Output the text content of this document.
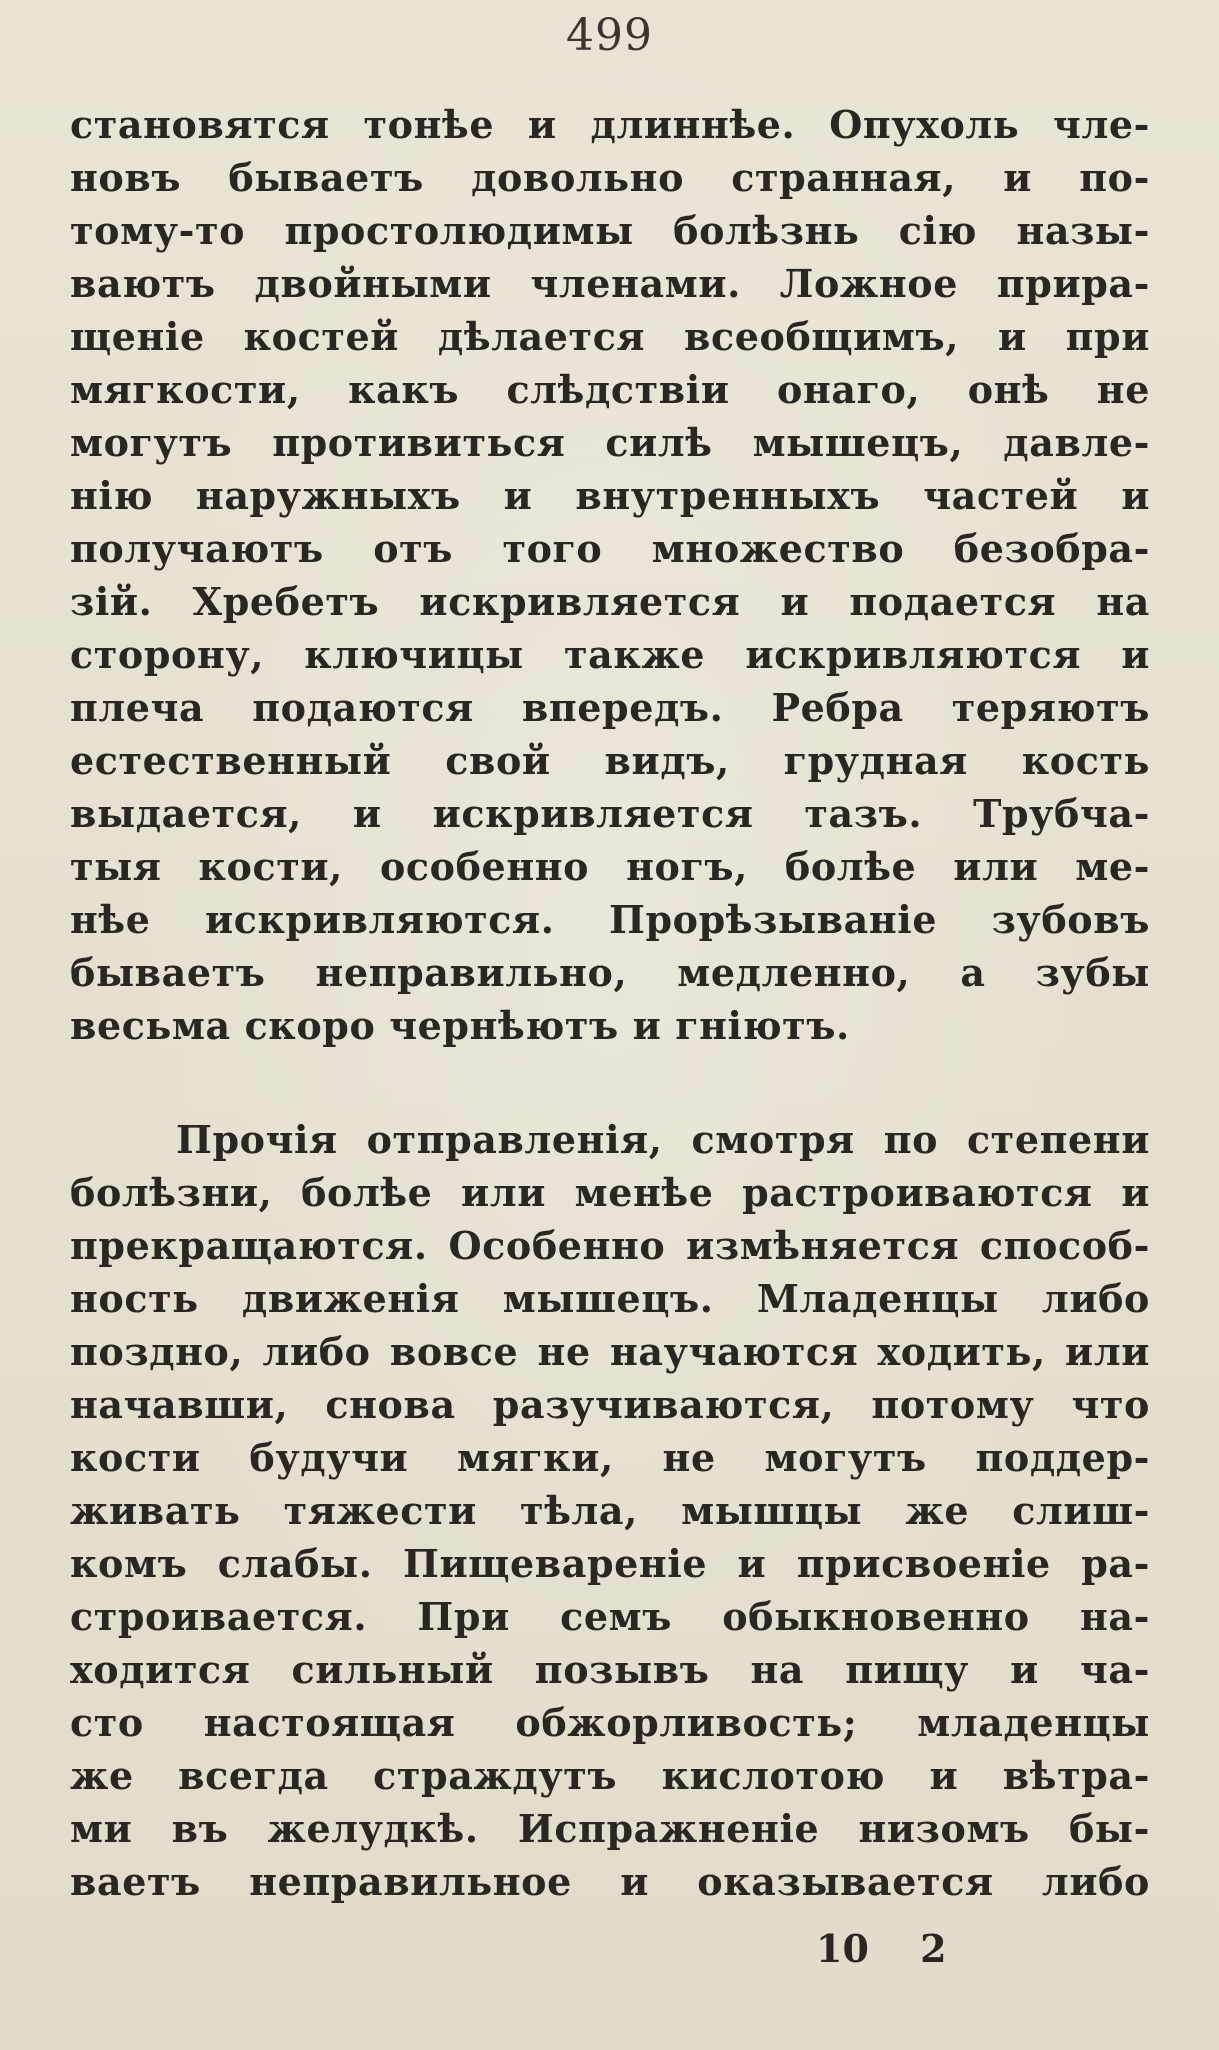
499
становятся тонѣе и длиннѣе. Опухоль чле-
новъ бываетъ довольно странная, и по-
тому-то простолюдимы болѣзнь сію назы-
ваютъ двойными членами. Ложное прира-
щеніе костей дѣлается всеобщимъ, и при
мягкости, какъ слѣдствіи онаго, онѣ не
могутъ противиться силѣ мышецъ, давле-
нію наружныхъ и внутренныхъ частей и
получаютъ отъ того множество безобра-
зій. Хребетъ искривляется и подается на
сторону, ключицы также искривляются и
плеча подаются впередъ. Ребра теряютъ
естественный свой видъ, грудная кость
выдается, и искривляется тазъ. Трубча-
тыя кости, особенно ногъ, болѣе или ме-
нѣе искривляются. Прорѣзываніе зубовъ
бываетъ неправильно, медленно, а зубы
весьма скоро чернѣютъ и гніютъ.
Прочія отправленія, смотря по степени
болѣзни, болѣе или менѣе растроиваются и
прекращаются. Особенно измѣняется способ-
ность движенія мышецъ. Младенцы либо
поздно, либо вовсе не научаются ходить, или
начавши, снова разучиваются, потому что
кости будучи мягки, не могутъ поддер-
живать тяжести тѣла, мышцы же слиш-
комъ слабы. Пищевареніе и присвоеніе ра-
строивается. При семъ обыкновенно на-
ходится сильный позывъ на пищу и ча-
сто настоящая обжорливость; младенцы
же всегда страждутъ кислотою и вѣтра-
ми въ желудкѣ. Испражненіе низомъ бы-
ваетъ неправильное и оказывается либо
10 2
